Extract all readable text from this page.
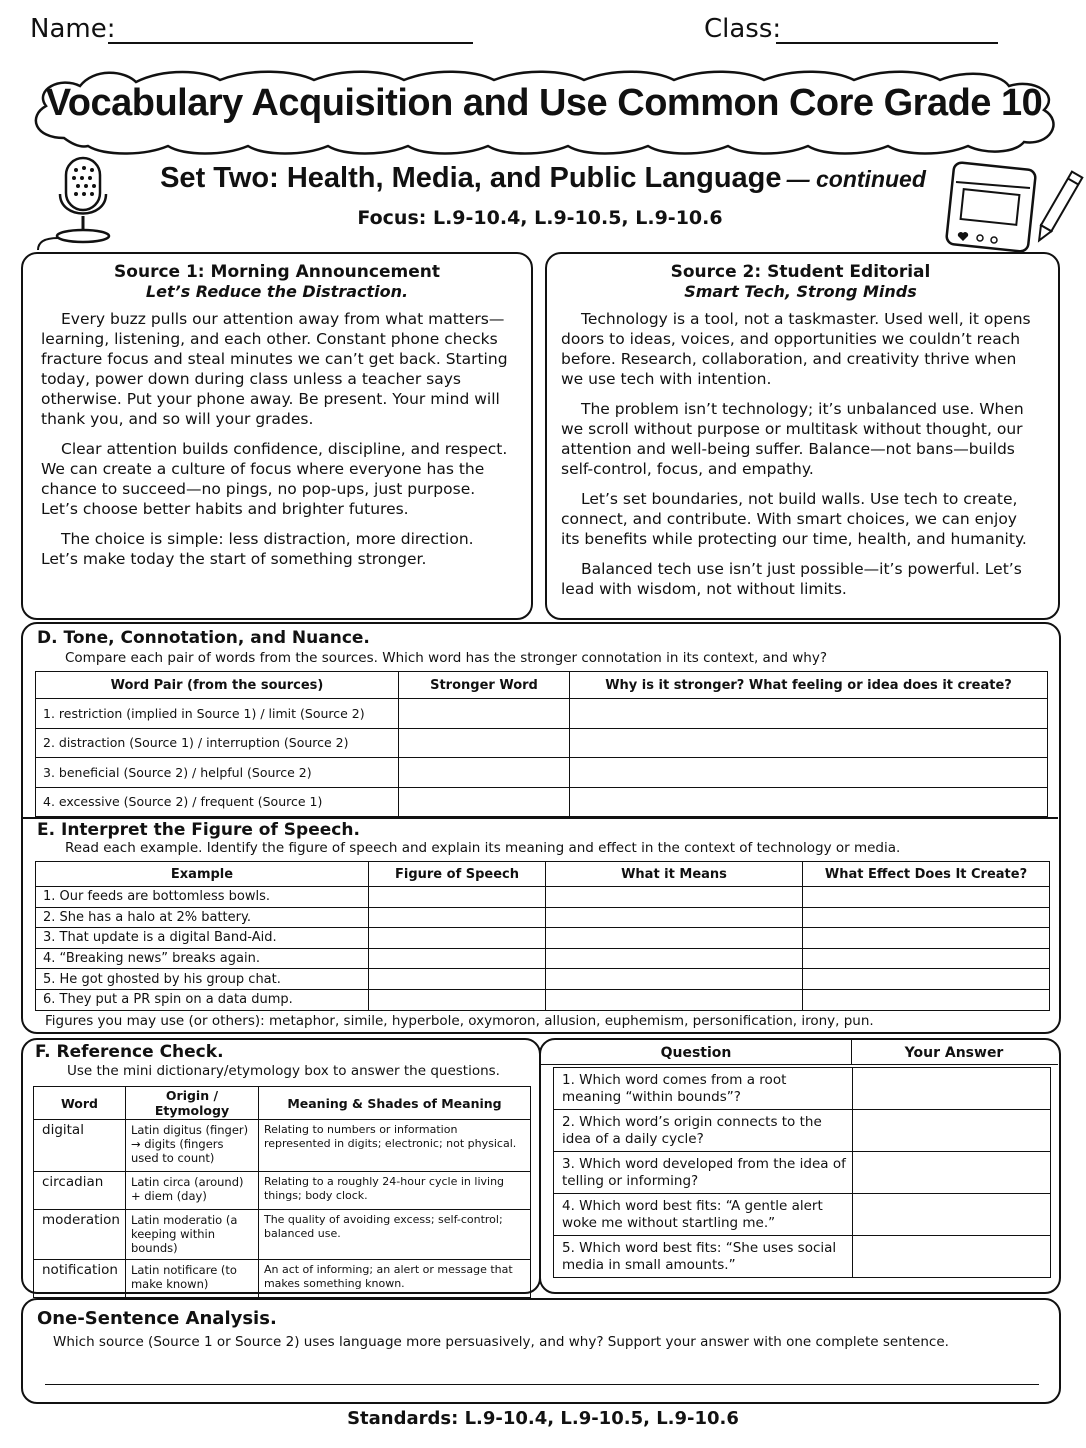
Name:	Class:
Vocabulary Acquisition and Use Common Core Grade 10
Set Two: Health, Media, and Public Language — continued
Focus: L.9-10.4, L.9-10.5, L.9-10.6
Source 1: Morning Announcement
Let’s Reduce the Distraction.

Every buzz pulls our attention away from what matters—learning, listening, and each other. Constant phone checks fracture focus and steal minutes we can’t get back. Starting today, power down during class unless a teacher says otherwise. Put your phone away. Be present. Your mind will thank you, and so will your grades.

Clear attention builds confidence, discipline, and respect. We can create a culture of focus where everyone has the chance to succeed—no pings, no pop-ups, just purpose. Let’s choose better habits and brighter futures.

The choice is simple: less distraction, more direction. Let’s make today the start of something stronger.

Source 2: Student Editorial
Smart Tech, Strong Minds

Technology is a tool, not a taskmaster. Used well, it opens doors to ideas, voices, and opportunities we couldn’t reach before. Research, collaboration, and creativity thrive when we use tech with intention.

The problem isn’t technology; it’s unbalanced use. When we scroll without purpose or multitask without thought, our attention and well-being suffer. Balance—not bans—builds self-control, focus, and empathy.

Let’s set boundaries, not build walls. Use tech to create, connect, and contribute. With smart choices, we can enjoy its benefits while protecting our time, health, and humanity.

Balanced tech use isn’t just possible—it’s powerful. Let’s lead with wisdom, not without limits.

D. Tone, Connotation, and Nuance.
Compare each pair of words from the sources. Which word has the stronger connotation in its context, and why?
Word Pair (from the sources)	Stronger Word	Why is it stronger? What feeling or idea does it create?
1. restriction (implied in Source 1) / limit (Source 2)		
2. distraction (Source 1) / interruption (Source 2)		
3. beneficial (Source 2) / helpful (Source 2)		
4. excessive (Source 2) / frequent (Source 1)		
E. Interpret the Figure of Speech.
Read each example. Identify the figure of speech and explain its meaning and effect in the context of technology or media.
Example	Figure of Speech	What it Means	What Effect Does It Create?
1. Our feeds are bottomless bowls.			
2. She has a halo at 2% battery.			
3. That update is a digital Band-Aid.			
4. “Breaking news” breaks again.			
5. He got ghosted by his group chat.			
6. They put a PR spin on a data dump.			
Figures you may use (or others): metaphor, simile, hyperbole, oxymoron, allusion, euphemism, personification, irony, pun.
F. Reference Check.
Use the mini dictionary/etymology box to answer the questions.
Word	Origin / Etymology	Meaning & Shades of Meaning
digital	Latin digitus (finger) → digits (fingers used to count)	Relating to numbers or information represented in digits; electronic; not physical.
circadian	Latin circa (around) + diem (day)	Relating to a roughly 24-hour cycle in living things; body clock.
moderation	Latin moderatio (a keeping within bounds)	The quality of avoiding excess; self-control; balanced use.
notification	Latin notificare (to make known)	An act of informing; an alert or message that makes something known.
Question	Your Answer
1. Which word comes from a root meaning “within bounds”?	
2. Which word’s origin connects to the idea of a daily cycle?	
3. Which word developed from the idea of telling or informing?	
4. Which word best fits: “A gentle alert woke me without startling me.”	
5. Which word best fits: “She uses social media in small amounts.”	
One-Sentence Analysis.
Which source (Source 1 or Source 2) uses language more persuasively, and why? Support your answer with one complete sentence.
Standards: L.9-10.4, L.9-10.5, L.9-10.6
